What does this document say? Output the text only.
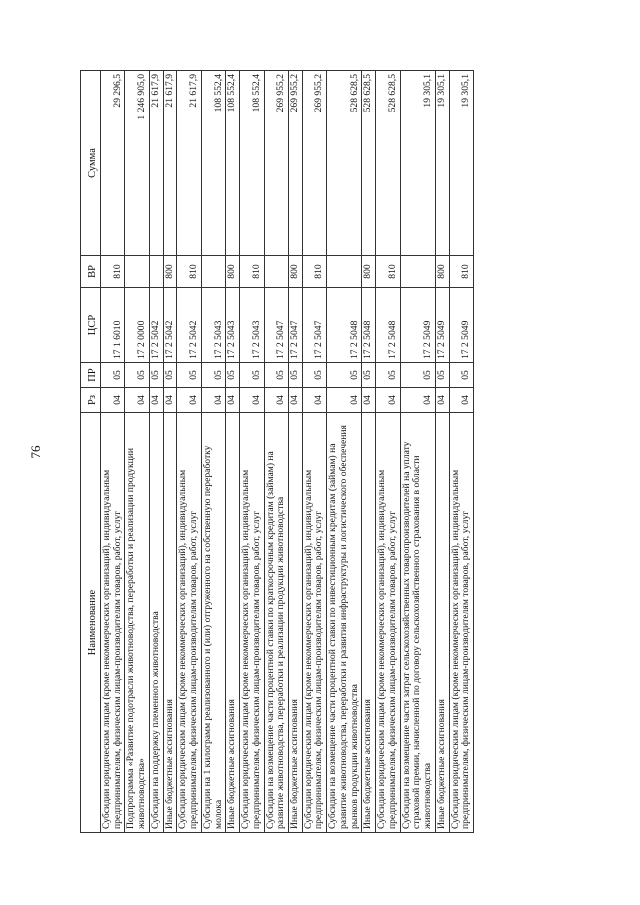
76
Наименование	Рз	ПР	ЦСР	ВР	Сумма
Субсидии юридическим лицам (кроме некоммерческих организаций), индивидуальным предпринимателям, физическим лицам-производителям товаров, работ, услуг	04	05	17 1 6010	810	29 296,5
Подпрограмма «Развитие подотрасли животноводства, переработки и реализации продукции животноводства»	04	05	17 2 0000		1 246 905,0
Субсидии на поддержку племенного животноводства	04	05	17 2 5042		21 617,9
Иные бюджетные ассигнования	04	05	17 2 5042	800	21 617,9
Субсидии юридическим лицам (кроме некоммерческих организаций), индивидуальным предпринимателям, физическим лицам-производителям товаров, работ, услуг	04	05	17 2 5042	810	21 617,9
Субсидии на 1 килограмм реализованного и (или) отгруженного на собственную переработку молока	04	05	17 2 5043		108 552,4
Иные бюджетные ассигнования	04	05	17 2 5043	800	108 552,4
Субсидии юридическим лицам (кроме некоммерческих организаций), индивидуальным предпринимателям, физическим лицам-производителям товаров, работ, услуг	04	05	17 2 5043	810	108 552,4
Субсидии на возмещение части процентной ставки по краткосрочным кредитам (займам) на развитие животноводства, переработки и реализации продукции животноводства	04	05	17 2 5047		269 955,2
Иные бюджетные ассигнования	04	05	17 2 5047	800	269 955,2
Субсидии юридическим лицам (кроме некоммерческих организаций), индивидуальным предпринимателям, физическим лицам-производителям товаров, работ, услуг	04	05	17 2 5047	810	269 955,2
Субсидии на возмещение части процентной ставки по инвестиционным кредитам (займам) на развитие животноводства, переработки и развития инфраструктуры и логистического обеспечения рынков продукции животноводства	04	05	17 2 5048		528 628,5
Иные бюджетные ассигнования	04	05	17 2 5048	800	528 628,5
Субсидии юридическим лицам (кроме некоммерческих организаций), индивидуальным предпринимателям, физическим лицам-производителям товаров, работ, услуг	04	05	17 2 5048	810	528 628,5
Субсидии на возмещение части затрат сельскохозяйственных товаропроизводителей на уплату страховой премии, начисленной по договору сельскохозяйственного страхования в области животноводства	04	05	17 2 5049		19 305,1
Иные бюджетные ассигнования	04	05	17 2 5049	800	19 305,1
Субсидии юридическим лицам (кроме некоммерческих организаций), индивидуальным предпринимателям, физическим лицам-производителям товаров, работ, услуг	04	05	17 2 5049	810	19 305,1
